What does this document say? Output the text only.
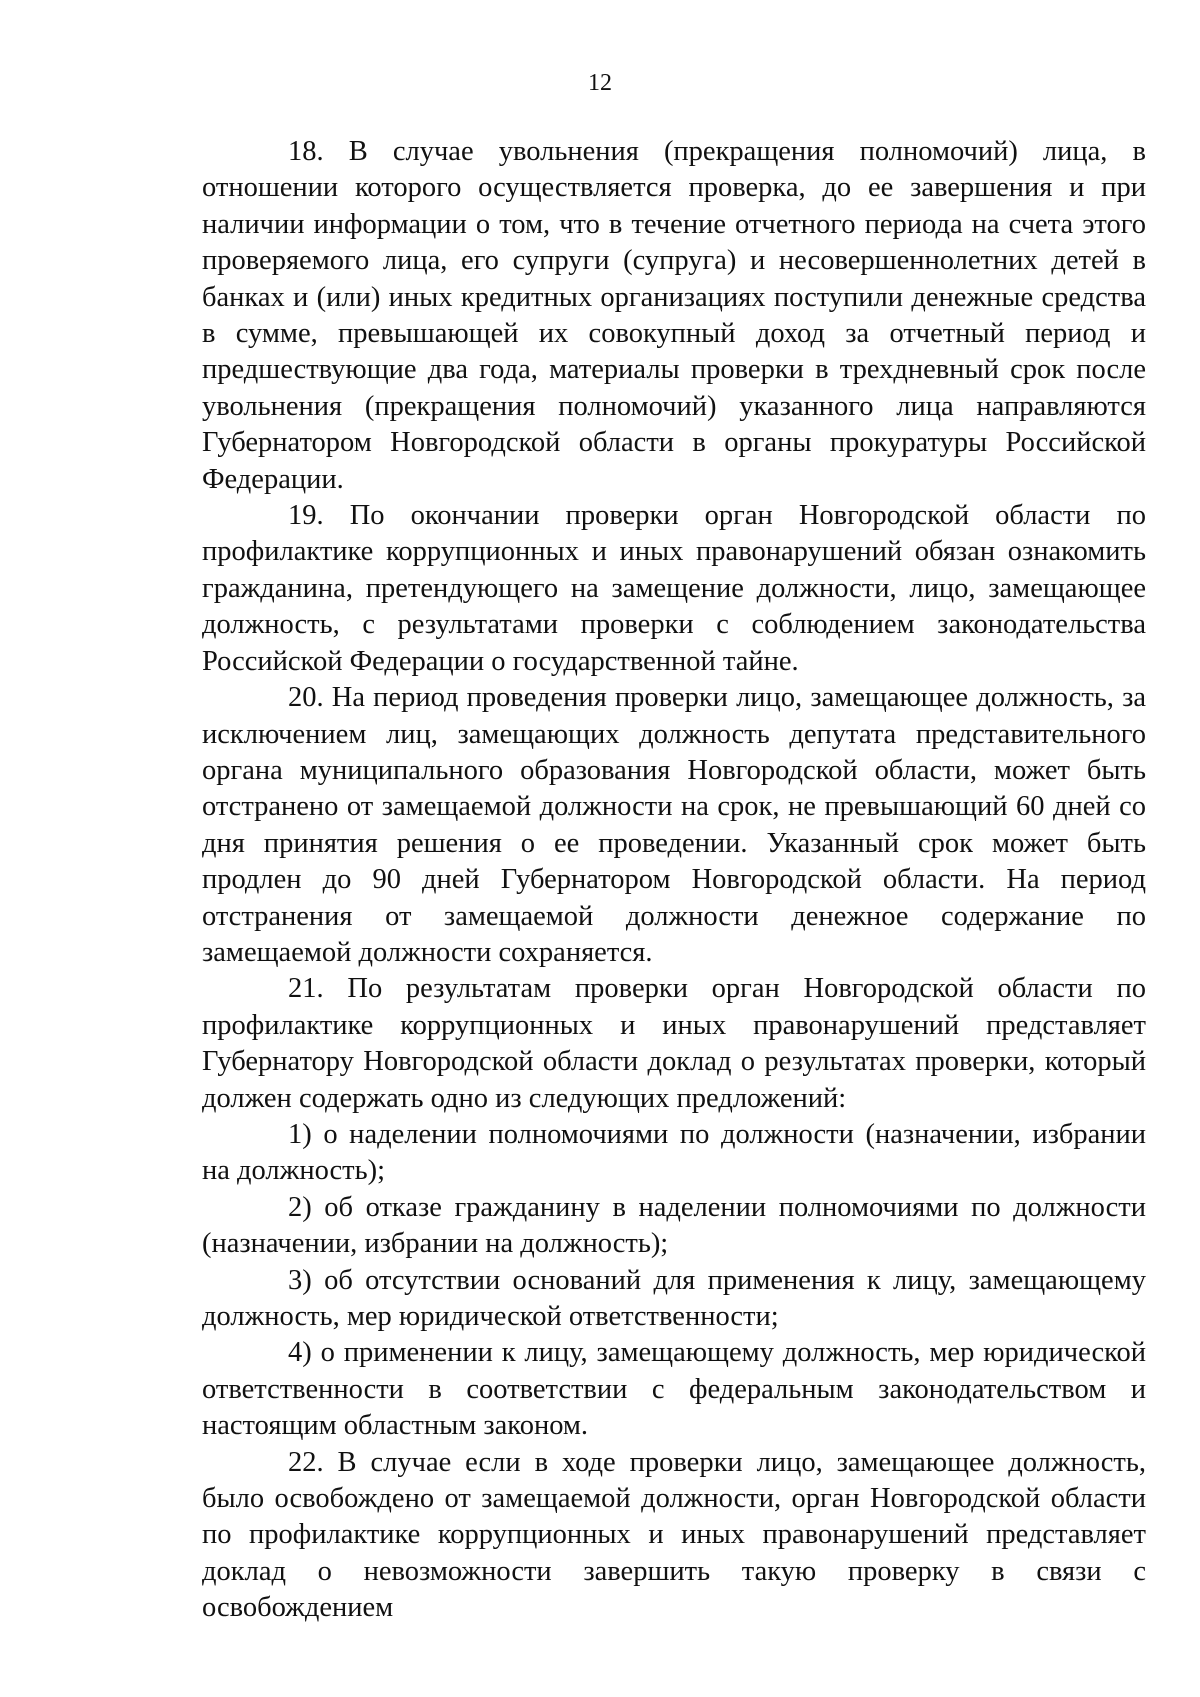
12

18. В случае увольнения (прекращения полномочий) лица, в отношении которого осуществляется проверка, до ее завершения и при наличии информации о том, что в течение отчетного периода на счета этого проверяемого лица, его супруги (супруга) и несовершеннолетних детей в банках и (или) иных кредитных организациях поступили денежные средства в сумме, превышающей их совокупный доход за отчетный период и предшествующие два года, материалы проверки в трехдневный срок после увольнения (прекращения полномочий) указанного лица направляются Губернатором Новгородской области в органы прокуратуры Российской Федерации.

19. По окончании проверки орган Новгородской области по профилактике коррупционных и иных правонарушений обязан ознакомить гражданина, претендующего на замещение должности, лицо, замещающее должность, с результатами проверки с соблюдением законодательства Российской Федерации о государственной тайне.

20. На период проведения проверки лицо, замещающее должность, за исключением лиц, замещающих должность депутата представительного органа муниципального образования Новгородской области, может быть отстранено от замещаемой должности на срок, не превышающий 60 дней со дня принятия решения о ее проведении. Указанный срок может быть продлен до 90 дней Губернатором Новгородской области. На период отстранения от замещаемой должности денежное содержание по замещаемой должности сохраняется.

21. По результатам проверки орган Новгородской области по профилактике коррупционных и иных правонарушений представляет Губернатору Новгородской области доклад о результатах проверки, который должен содержать одно из следующих предложений:

1) о наделении полномочиями по должности (назначении, избрании на должность);

2) об отказе гражданину в наделении полномочиями по должности (назначении, избрании на должность);

3) об отсутствии оснований для применения к лицу, замещающему должность, мер юридической ответственности;

4) о применении к лицу, замещающему должность, мер юридической ответственности в соответствии с федеральным законодательством и настоящим областным законом.

22. В случае если в ходе проверки лицо, замещающее должность, было освобождено от замещаемой должности, орган Новгородской области по профилактике коррупционных и иных правонарушений представляет доклад о невозможности завершить такую проверку в связи с освобождением
